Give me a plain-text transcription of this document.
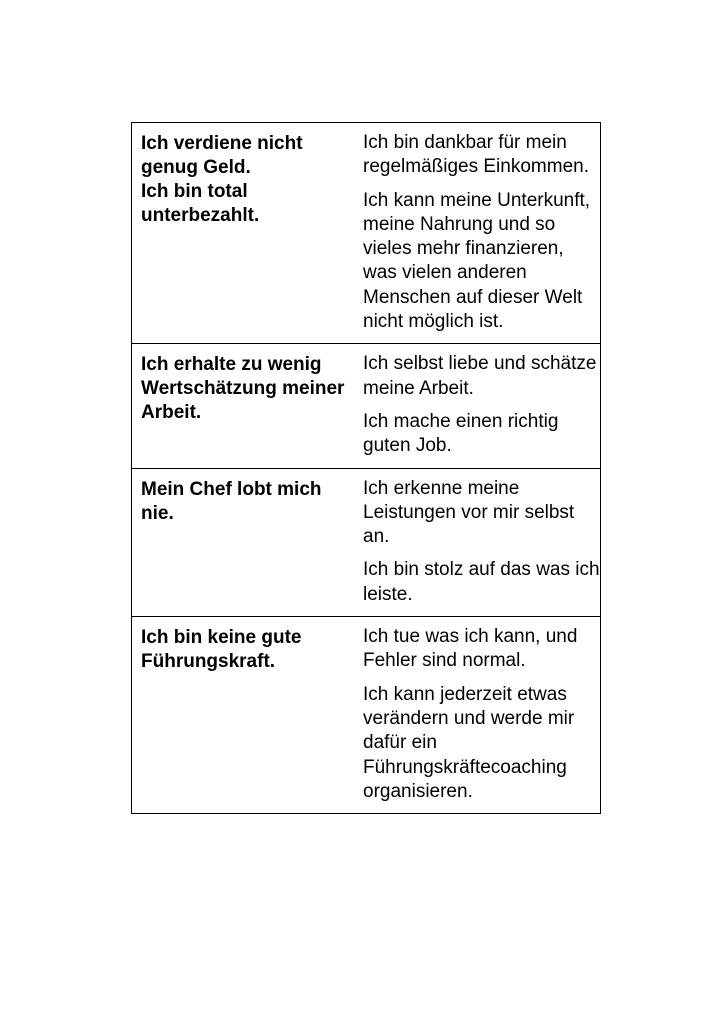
Ich verdiene nicht genug Geld.
Ich bin total unterbezahlt.

Ich bin dankbar für mein regelmäßiges Einkommen.

Ich kann meine Unterkunft, meine Nahrung und so vieles mehr finanzieren, was vielen anderen Menschen auf dieser Welt nicht möglich ist.

Ich erhalte zu wenig Wertschätzung meiner Arbeit.

Ich selbst liebe und schätze meine Arbeit.

Ich mache einen richtig guten Job.

Mein Chef lobt mich nie.

Ich erkenne meine Leistungen vor mir selbst an.

Ich bin stolz auf das was ich leiste.

Ich bin keine gute Führungskraft.

Ich tue was ich kann, und Fehler sind normal.

Ich kann jederzeit etwas verändern und werde mir dafür ein Führungskräftecoaching organisieren.
